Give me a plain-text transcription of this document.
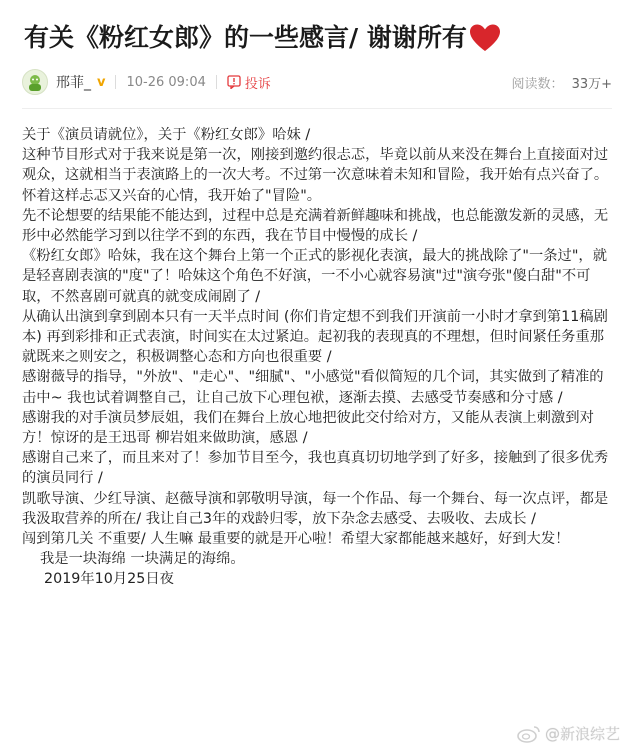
有关《粉红女郎》的一些感言/ 谢谢所有
邢菲_ v 10-26 09:04	投诉	阅读数： 33万+

关于《演员请就位》，关于《粉红女郎》哈妹 /

这种节目形式对于我来说是第一次，刚接到邀约很忐忑，毕竟以前从来没在舞台上直接面对过观众，这就相当于表演路上的一次大考。不过第一次意味着未知和冒险，我开始有点兴奋了。怀着这样忐忑又兴奋的心情，我开始了"冒险"。

先不论想要的结果能不能达到，过程中总是充满着新鲜趣味和挑战，也总能激发新的灵感，无形中必然能学习到以往学不到的东西，我在节目中慢慢的成长 /

《粉红女郎》哈妹，我在这个舞台上第一个正式的影视化表演，最大的挑战除了"一条过"，就是轻喜剧表演的"度"了！哈妹这个角色不好演，一不小心就容易演"过"演夸张"傻白甜"不可取，不然喜剧可就真的就变成闹剧了 /

从确认出演到拿到剧本只有一天半点时间 (你们肯定想不到我们开演前一小时才拿到第11稿剧本) 再到彩排和正式表演，时间实在太过紧迫。起初我的表现真的不理想，但时间紧任务重那就既来之则安之，积极调整心态和方向也很重要 /

感谢薇导的指导，"外放"、"走心"、"细腻"、"小感觉"看似简短的几个词，其实做到了精准的击中~ 我也试着调整自己，让自己放下心理包袱，逐渐去摸、去感受节奏感和分寸感 /

感谢我的对手演员梦辰姐，我们在舞台上放心地把彼此交付给对方，又能从表演上刺激到对方！惊讶的是王迅哥 柳岩姐来做助演，感恩 /

感谢自己来了，而且来对了！参加节目至今，我也真真切切地学到了好多，接触到了很多优秀的演员同行 /

凯歌导演、少红导演、赵薇导演和郭敬明导演，每一个作品、每一个舞台、每一次点评，都是我汲取营养的所在/ 我让自己3年的戏龄归零，放下杂念去感受、去吸收、去成长 /

闯到第几关 不重要/ 人生嘛 最重要的就是开心啦！希望大家都能越来越好，好到大发！

我是一块海绵 一块满足的海绵。

2019年10月25日夜

@新浪综艺
